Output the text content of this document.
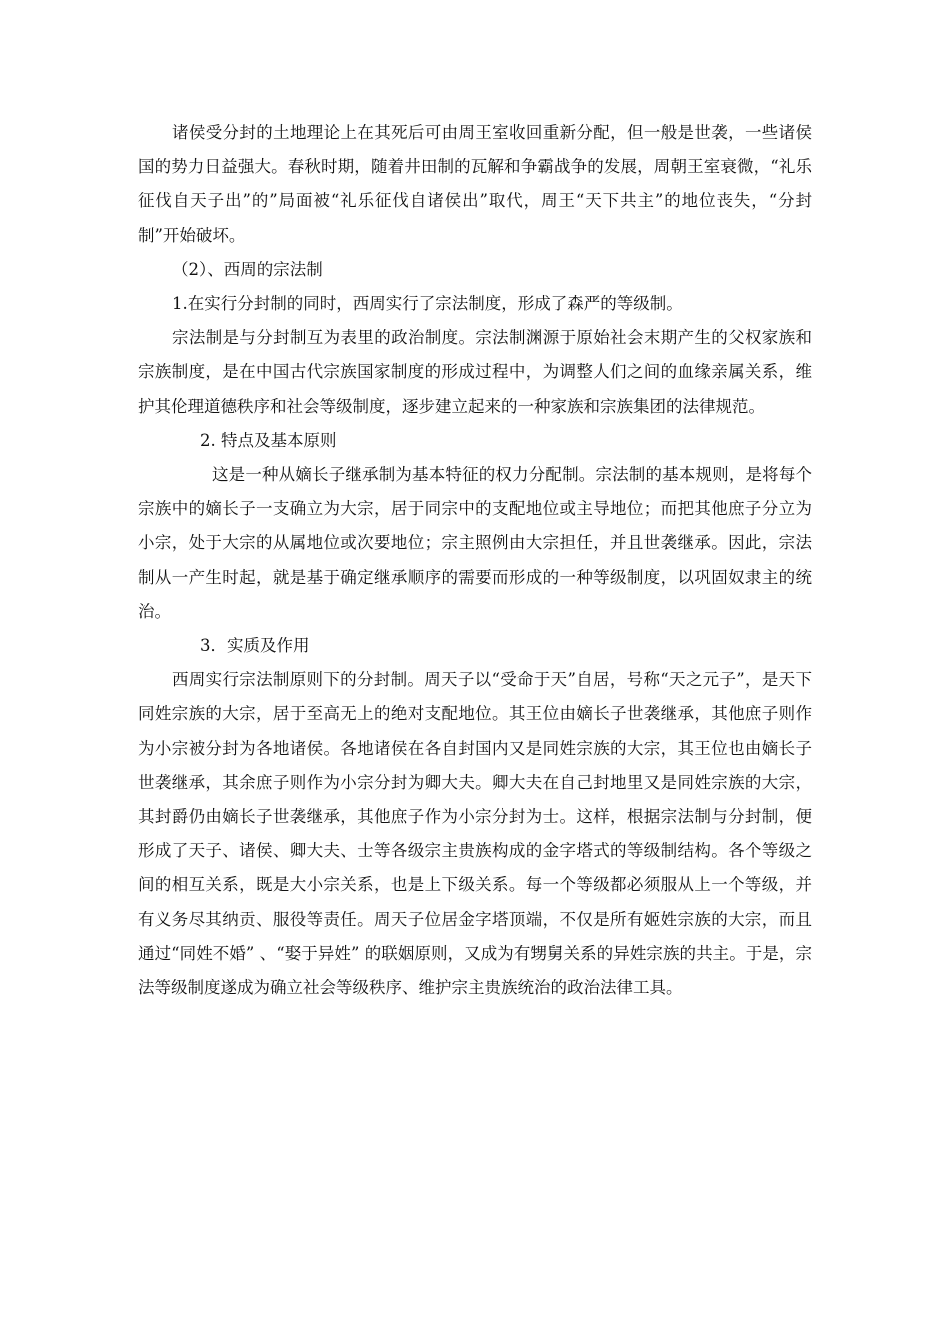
诸侯受分封的土地理论上在其死后可由周王室收回重新分配，但一般是世袭，一些诸侯国的势力日益强大。春秋时期，随着井田制的瓦解和争霸战争的发展，周朝王室衰微，“礼乐征伐自天子出”的”局面被“礼乐征伐自诸侯出”取代，周王“天下共主”的地位丧失，“分封制”开始破坏。

（2）、西周的宗法制

1.在实行分封制的同时，西周实行了宗法制度，形成了森严的等级制。

宗法制是与分封制互为表里的政治制度。宗法制渊源于原始社会末期产生的父权家族和宗族制度，是在中国古代宗族国家制度的形成过程中，为调整人们之间的血缘亲属关系，维护其伦理道德秩序和社会等级制度，逐步建立起来的一种家族和宗族集团的法律规范。

2. 特点及基本原则

这是一种从嫡长子继承制为基本特征的权力分配制。宗法制的基本规则，是将每个宗族中的嫡长子一支确立为大宗，居于同宗中的支配地位或主导地位；而把其他庶子分立为小宗，处于大宗的从属地位或次要地位；宗主照例由大宗担任，并且世袭继承。因此，宗法制从一产生时起，就是基于确定继承顺序的需要而形成的一种等级制度，以巩固奴隶主的统治。

3．实质及作用

西周实行宗法制原则下的分封制。周天子以“受命于天”自居，号称“天之元子”，是天下同姓宗族的大宗，居于至高无上的绝对支配地位。其王位由嫡长子世袭继承，其他庶子则作为小宗被分封为各地诸侯。各地诸侯在各自封国内又是同姓宗族的大宗，其王位也由嫡长子世袭继承，其余庶子则作为小宗分封为卿大夫。卿大夫在自己封地里又是同姓宗族的大宗，其封爵仍由嫡长子世袭继承，其他庶子作为小宗分封为士。这样，根据宗法制与分封制，便形成了天子、诸侯、卿大夫、士等各级宗主贵族构成的金字塔式的等级制结构。各个等级之间的相互关系，既是大小宗关系，也是上下级关系。每一个等级都必须服从上一个等级，并有义务尽其纳贡、服役等责任。周天子位居金字塔顶端，不仅是所有姬姓宗族的大宗，而且通过“同姓不婚” 、“娶于异姓” 的联姻原则，又成为有甥舅关系的异姓宗族的共主。于是，宗法等级制度遂成为确立社会等级秩序、维护宗主贵族统治的政治法律工具。
